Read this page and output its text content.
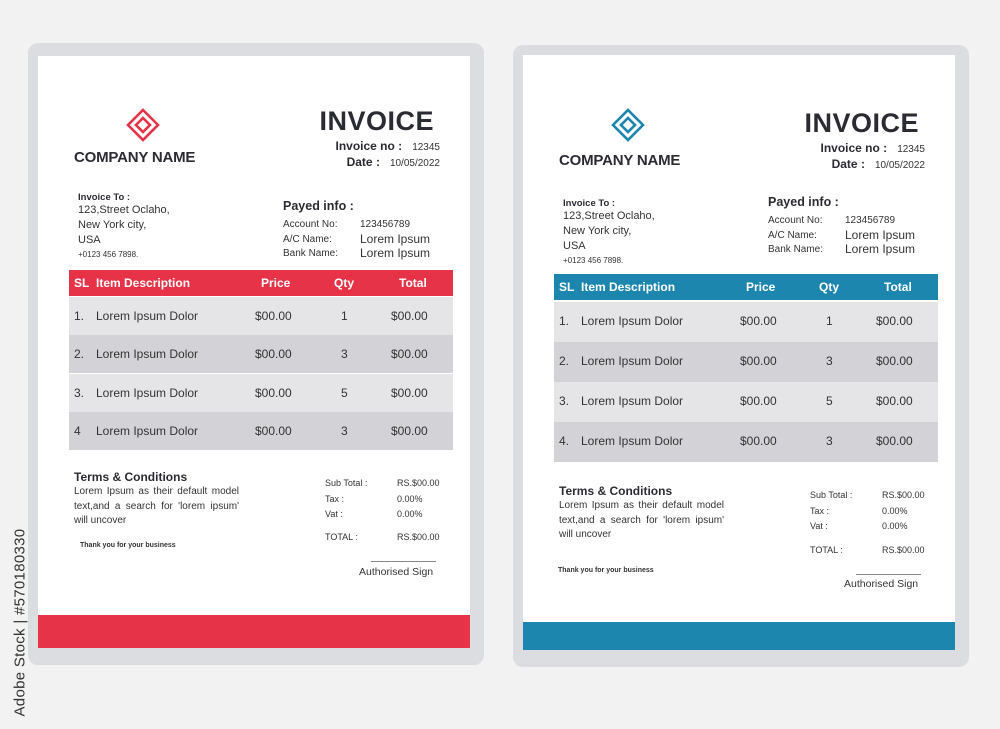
Adobe Stock | #570180330
COMPANY NAME
INVOICE
Invoice no : 12345
Date : 10/05/2022
Invoice To :
123,Street Oclaho,
New York city,
USA
+0123 456 7898.
Payed info :
Account No: 123456789
A/C Name: Lorem Ipsum
Bank Name: Lorem Ipsum
SL Item Description	Price	Qty	Total
1. Lorem Ipsum Dolor	$00.00	1	$00.00
2. Lorem Ipsum Dolor	$00.00	3	$00.00
3. Lorem Ipsum Dolor	$00.00	5	$00.00
4 Lorem Ipsum Dolor	$00.00	3	$00.00
Terms & Conditions
Lorem Ipsum as their default model text,and a search for 'lorem ipsum' will uncover
Thank you for your business
Sub Total :	RS.$00.00
Tax :	0.00%
Vat :	0.00%
TOTAL :	RS.$00.00
Authorised Sign
COMPANY NAME
INVOICE
Invoice no : 12345
Date : 10/05/2022
Invoice To :
123,Street Oclaho,
New York city,
USA
+0123 456 7898.
Payed info :
Account No: 123456789
A/C Name: Lorem Ipsum
Bank Name: Lorem Ipsum
SL Item Description	Price	Qty	Total
1. Lorem Ipsum Dolor	$00.00	1	$00.00
2. Lorem Ipsum Dolor	$00.00	3	$00.00
3. Lorem Ipsum Dolor	$00.00	5	$00.00
4. Lorem Ipsum Dolor	$00.00	3	$00.00
Terms & Conditions
Lorem Ipsum as their default model text,and a search for 'lorem ipsum' will uncover
Thank you for your business
Sub Total :	RS.$00.00
Tax :	0.00%
Vat :	0.00%
TOTAL :	RS.$00.00
Authorised Sign
